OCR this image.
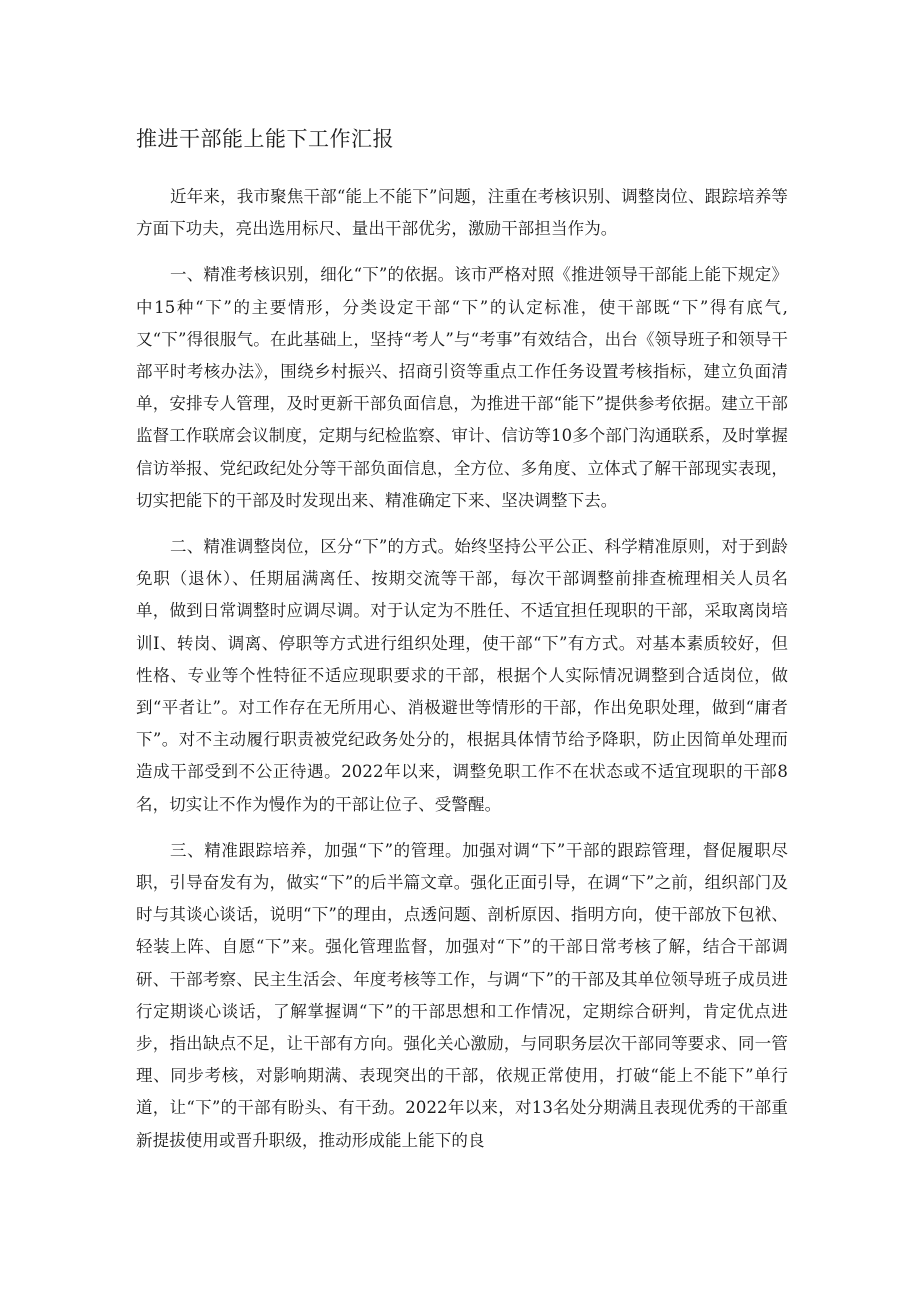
推进干部能上能下工作汇报

近年来，我市聚焦干部“能上不能下”问题，注重在考核识别、调整岗位、跟踪培养等方面下功夫，亮出选用标尺、量出干部优劣，激励干部担当作为。

一、精准考核识别，细化“下”的依据。该市严格对照《推进领导干部能上能下规定》中15种“下”的主要情形，分类设定干部“下”的认定标准，使干部既“下”得有底气,又“下”得很服气。在此基础上，坚持“考人”与“考事”有效结合，出台《领导班子和领导干部平时考核办法》，围绕乡村振兴、招商引资等重点工作任务设置考核指标，建立负面清单，安排专人管理，及时更新干部负面信息，为推进干部“能下”提供参考依据。建立干部监督工作联席会议制度，定期与纪检监察、审计、信访等10多个部门沟通联系，及时掌握信访举报、党纪政纪处分等干部负面信息，全方位、多角度、立体式了解干部现实表现，切实把能下的干部及时发现出来、精准确定下来、坚决调整下去。

二、精准调整岗位，区分“下”的方式。始终坚持公平公正、科学精准原则，对于到龄免职（退休）、任期届满离任、按期交流等干部，每次干部调整前排查梳理相关人员名单，做到日常调整时应调尽调。对于认定为不胜任、不适宜担任现职的干部，采取离岗培训I、转岗、调离、停职等方式进行组织处理，使干部“下”有方式。对基本素质较好，但性格、专业等个性特征不适应现职要求的干部，根据个人实际情况调整到合适岗位，做到“平者让”。对工作存在无所用心、消极避世等情形的干部，作出免职处理，做到“庸者下”。对不主动履行职责被党纪政务处分的，根据具体情节给予降职，防止因简单处理而造成干部受到不公正待遇。2022年以来，调整免职工作不在状态或不适宜现职的干部8名，切实让不作为慢作为的干部让位子、受警醒。

三、精准跟踪培养，加强“下”的管理。加强对调“下”干部的跟踪管理，督促履职尽职，引导奋发有为，做实“下”的后半篇文章。强化正面引导，在调“下”之前，组织部门及时与其谈心谈话，说明“下”的理由，点透问题、剖析原因、指明方向，使干部放下包袱、轻装上阵、自愿“下”来。强化管理监督，加强对“下”的干部日常考核了解，结合干部调研、干部考察、民主生活会、年度考核等工作，与调“下”的干部及其单位领导班子成员进行定期谈心谈话，了解掌握调“下”的干部思想和工作情况，定期综合研判，肯定优点进步，指出缺点不足，让干部有方向。强化关心激励，与同职务层次干部同等要求、同一管理、同步考核，对影响期满、表现突出的干部，依规正常使用，打破“能上不能下”单行道，让“下”的干部有盼头、有干劲。2022年以来，对13名处分期满且表现优秀的干部重新提拔使用或晋升职级，推动形成能上能下的良
